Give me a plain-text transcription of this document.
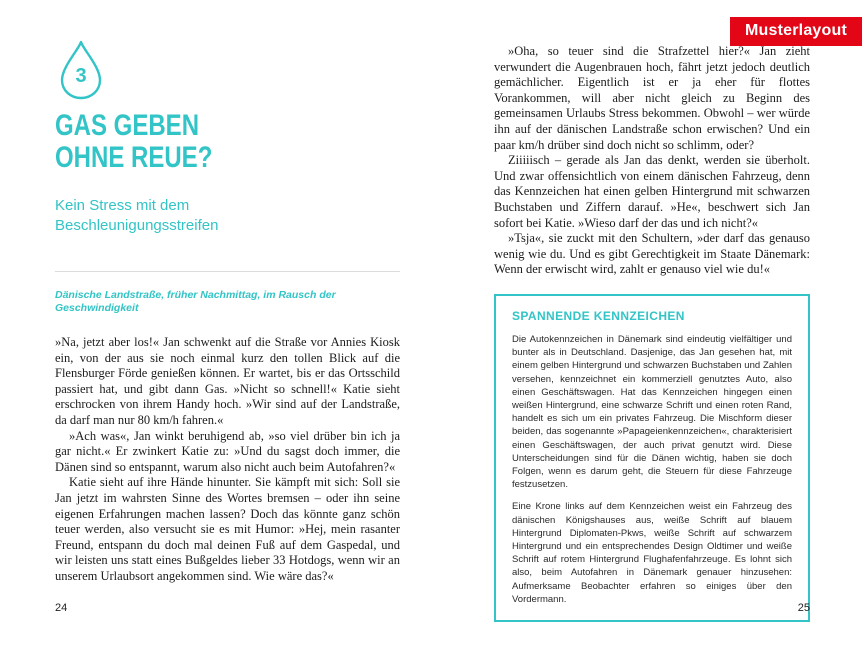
Musterlayout
3
GAS GEBEN
OHNE REUE?
Kein Stress mit dem Beschleunigungsstreifen

Dänische Landstraße, früher Nachmittag, im Rausch der Geschwindigkeit

»Na, jetzt aber los!« Jan schwenkt auf die Straße vor Annies Kiosk ein, von der aus sie noch einmal kurz den tollen Blick auf die Flensburger Förde genießen können. Er wartet, bis er das Ortsschild passiert hat, und gibt dann Gas. »Nicht so schnell!« Katie sieht erschrocken von ihrem Handy hoch. »Wir sind auf der Landstraße, da darf man nur 80 km/h fahren.«

»Ach was«, Jan winkt beruhigend ab, »so viel drüber bin ich ja gar nicht.« Er zwinkert Katie zu: »Und du sagst doch immer, die Dänen sind so entspannt, warum also nicht auch beim Autofahren?«

Katie sieht auf ihre Hände hinunter. Sie kämpft mit sich: Soll sie Jan jetzt im wahrsten Sinne des Wortes bremsen – oder ihn seine eigenen Erfahrungen machen lassen? Doch das könnte ganz schön teuer werden, also versucht sie es mit Humor: »Hej, mein rasanter Freund, entspann du doch mal deinen Fuß auf dem Gaspedal, und wir leisten uns statt eines Bußgeldes lieber 33 Hotdogs, wenn wir an unserem Urlaubsort angekommen sind. Wie wäre das?«

»Oha, so teuer sind die Strafzettel hier?« Jan zieht verwundert die Augenbrauen hoch, fährt jetzt jedoch deutlich gemächlicher. Eigentlich ist er ja eher für flottes Vorankommen, will aber nicht gleich zu Beginn des gemeinsamen Urlaubs Stress bekommen. Obwohl – wer würde ihn auf der dänischen Landstraße schon erwischen? Und ein paar km/h drüber sind doch nicht so schlimm, oder?

Ziiiiisch – gerade als Jan das denkt, werden sie überholt. Und zwar offensichtlich von einem dänischen Fahrzeug, denn das Kennzeichen hat einen gelben Hintergrund mit schwarzen Buchstaben und Ziffern darauf. »He«, beschwert sich Jan sofort bei Katie. »Wieso darf der das und ich nicht?«

»Tsja«, sie zuckt mit den Schultern, »der darf das genauso wenig wie du. Und es gibt Gerechtigkeit im Staate Dänemark: Wenn der erwischt wird, zahlt er genauso viel wie du!«

SPANNENDE KENNZEICHEN

Die Autokennzeichen in Dänemark sind eindeutig vielfältiger und bunter als in Deutschland. Dasjenige, das Jan gesehen hat, mit einem gelben Hintergrund und schwarzen Buchstaben und Zahlen versehen, kennzeichnet ein kommerziell genutztes Auto, also einen Geschäftswagen. Hat das Kennzeichen hingegen einen weißen Hintergrund, eine schwarze Schrift und einen roten Rand, handelt es sich um ein privates Fahrzeug. Die Mischform dieser beiden, das sogenannte »Papageienkennzeichen«, charakterisiert einen Geschäftswagen, der auch privat genutzt wird. Diese Unterscheidungen sind für die Dänen wichtig, haben sie doch Folgen, wenn es darum geht, die Steuern für diese Fahrzeuge festzusetzen.

Eine Krone links auf dem Kennzeichen weist ein Fahrzeug des dänischen Königshauses aus, weiße Schrift auf blauem Hintergrund Diplomaten-Pkws, weiße Schrift auf schwarzem Hintergrund und ein entsprechendes Design Oldtimer und weiße Schrift auf rotem Hintergrund Flughafenfahrzeuge. Es lohnt sich also, beim Autofahren in Dänemark genauer hinzusehen: Aufmerksame Beobachter erfahren so einiges über den Vordermann.

24	25
